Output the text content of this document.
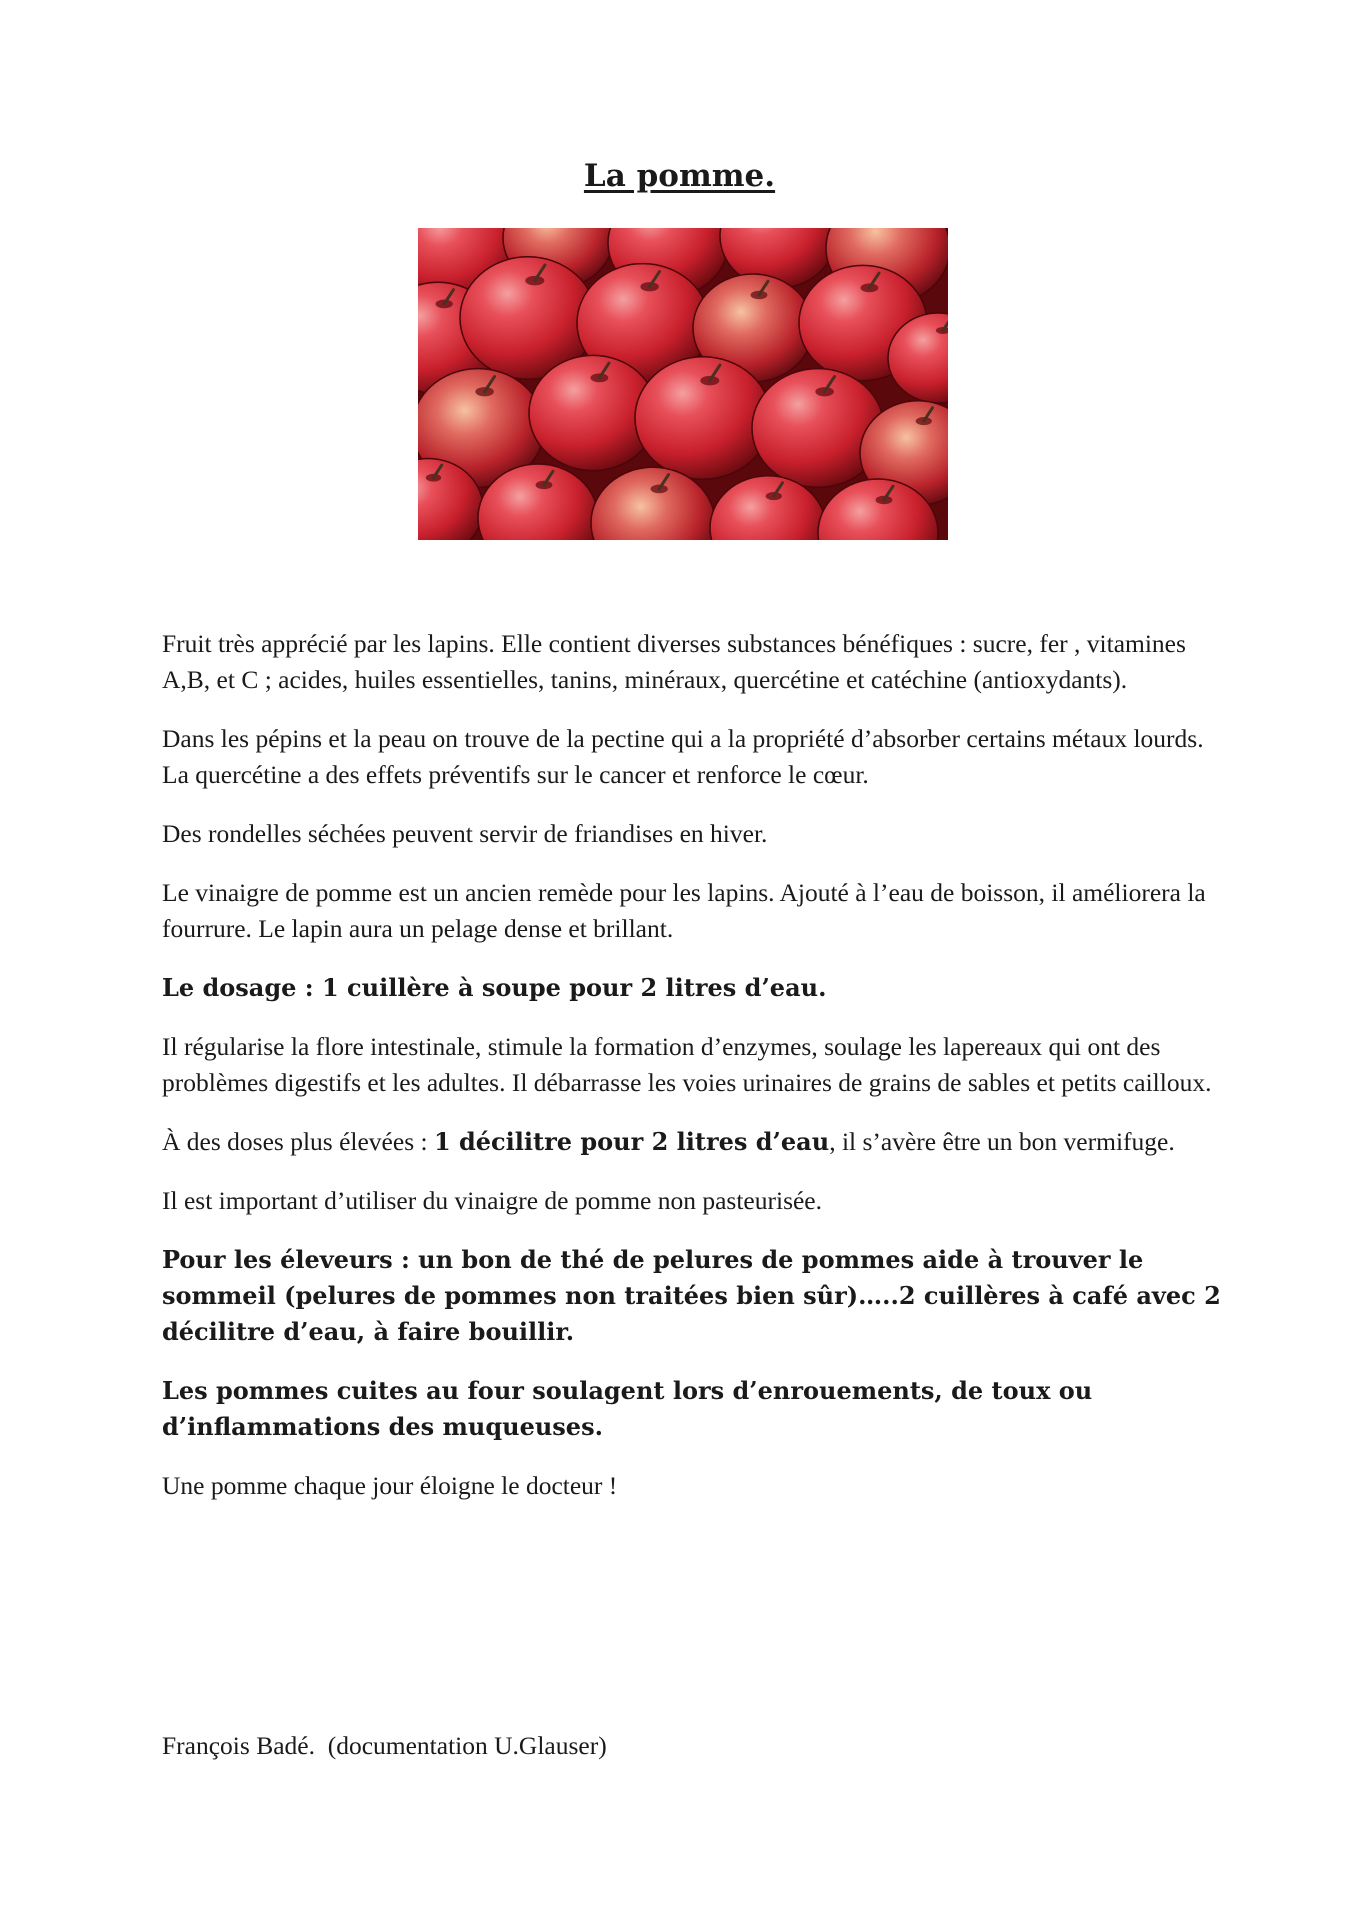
La pomme.

Fruit très apprécié par les lapins. Elle contient diverses substances bénéfiques : sucre, fer , vitamines A,B, et C ; acides, huiles essentielles, tanins, minéraux, quercétine et catéchine (antioxydants).

Dans les pépins et la peau on trouve de la pectine qui a la propriété d’absorber certains métaux lourds. La quercétine a des effets préventifs sur le cancer et renforce le cœur.

Des rondelles séchées peuvent servir de friandises en hiver.

Le vinaigre de pomme est un ancien remède pour les lapins. Ajouté à l’eau de boisson, il améliorera la fourrure. Le lapin aura un pelage dense et brillant.

Le dosage : 1 cuillère à soupe pour 2 litres d’eau.

Il régularise la flore intestinale, stimule la formation d’enzymes, soulage les lapereaux qui ont des problèmes digestifs et les adultes. Il débarrasse les voies urinaires de grains de sables et petits cailloux.

À des doses plus élevées : 1 décilitre pour 2 litres d’eau, il s’avère être un bon vermifuge.

Il est important d’utiliser du vinaigre de pomme non pasteurisée.

Pour les éleveurs : un bon de thé de pelures de pommes aide à trouver le sommeil (pelures de pommes non traitées bien sûr)…..2 cuillères à café avec 2 décilitre d’eau, à faire bouillir.

Les pommes cuites au four soulagent lors d’enrouements, de toux ou d’inflammations des muqueuses.

Une pomme chaque jour éloigne le docteur !

François Badé.  (documentation U.Glauser)
